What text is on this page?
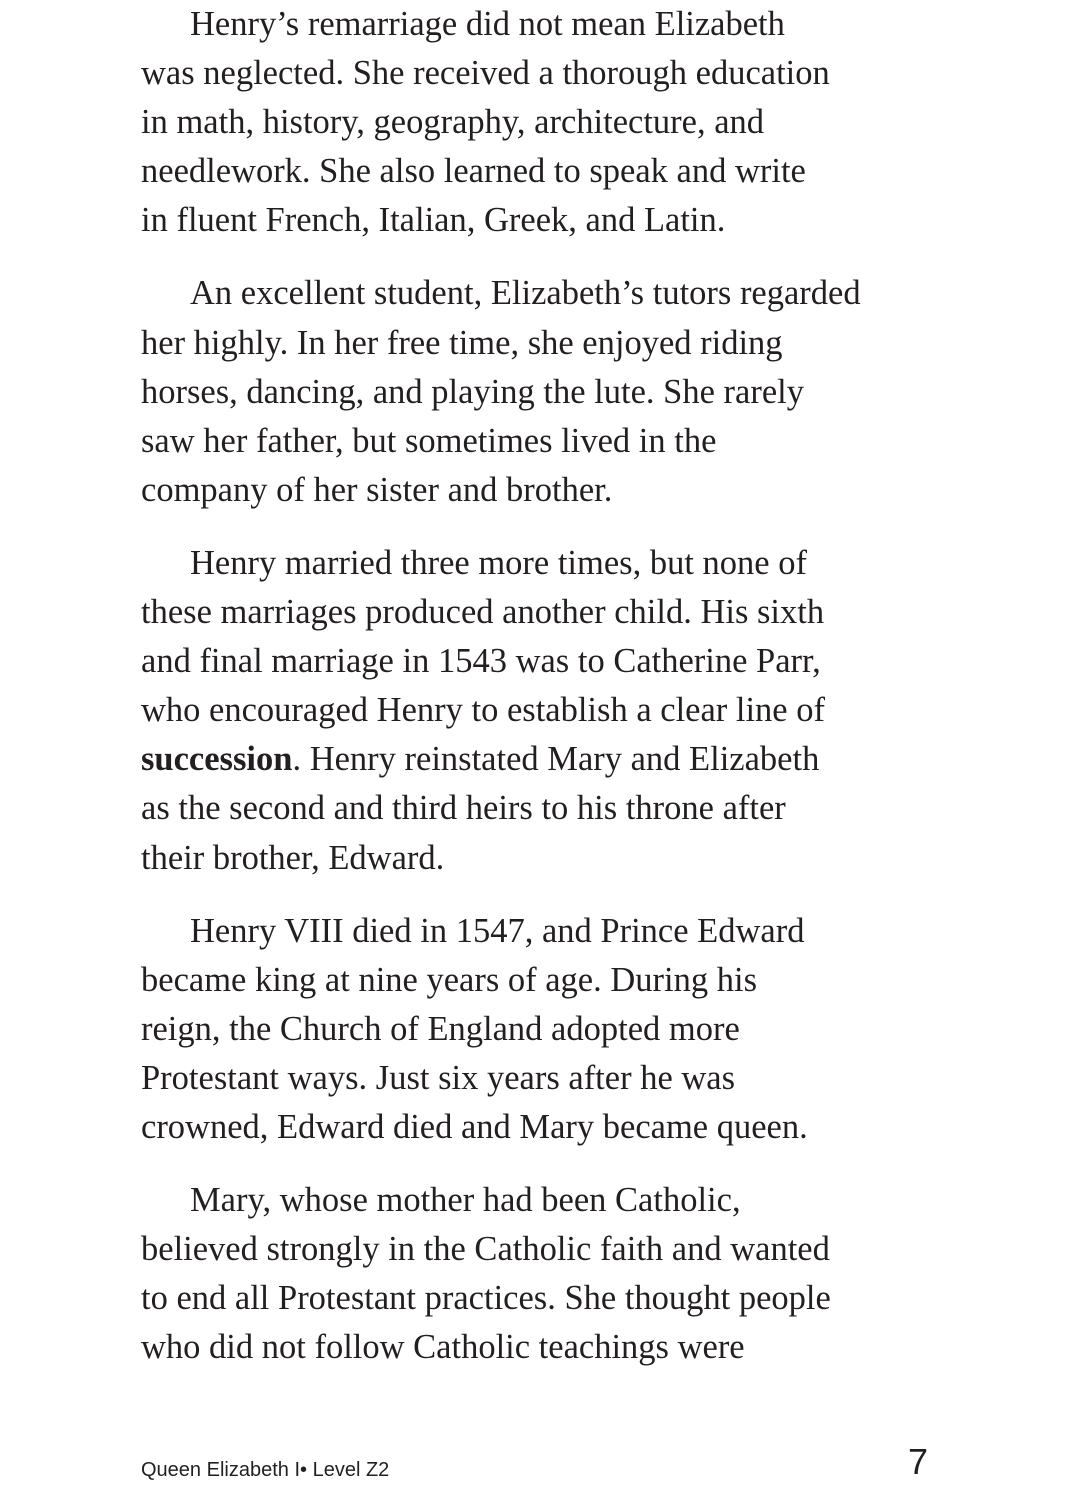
Henry’s remarriage did not mean Elizabeth
was neglected. She received a thorough education
in math, history, geography, architecture, and
needlework. She also learned to speak and write
in fluent French, Italian, Greek, and Latin.

An excellent student, Elizabeth’s tutors regarded
her highly. In her free time, she enjoyed riding
horses, dancing, and playing the lute. She rarely
saw her father, but sometimes lived in the
company of her sister and brother.

Henry married three more times, but none of
these marriages produced another child. His sixth
and final marriage in 1543 was to Catherine Parr,
who encouraged Henry to establish a clear line of
succession. Henry reinstated Mary and Elizabeth
as the second and third heirs to his throne after
their brother, Edward.

Henry VIII died in 1547, and Prince Edward
became king at nine years of age. During his
reign, the Church of England adopted more
Protestant ways. Just six years after he was
crowned, Edward died and Mary became queen.

Mary, whose mother had been Catholic,
believed strongly in the Catholic faith and wanted
to end all Protestant practices. She thought people
who did not follow Catholic teachings were

Queen Elizabeth I• Level Z2	7
